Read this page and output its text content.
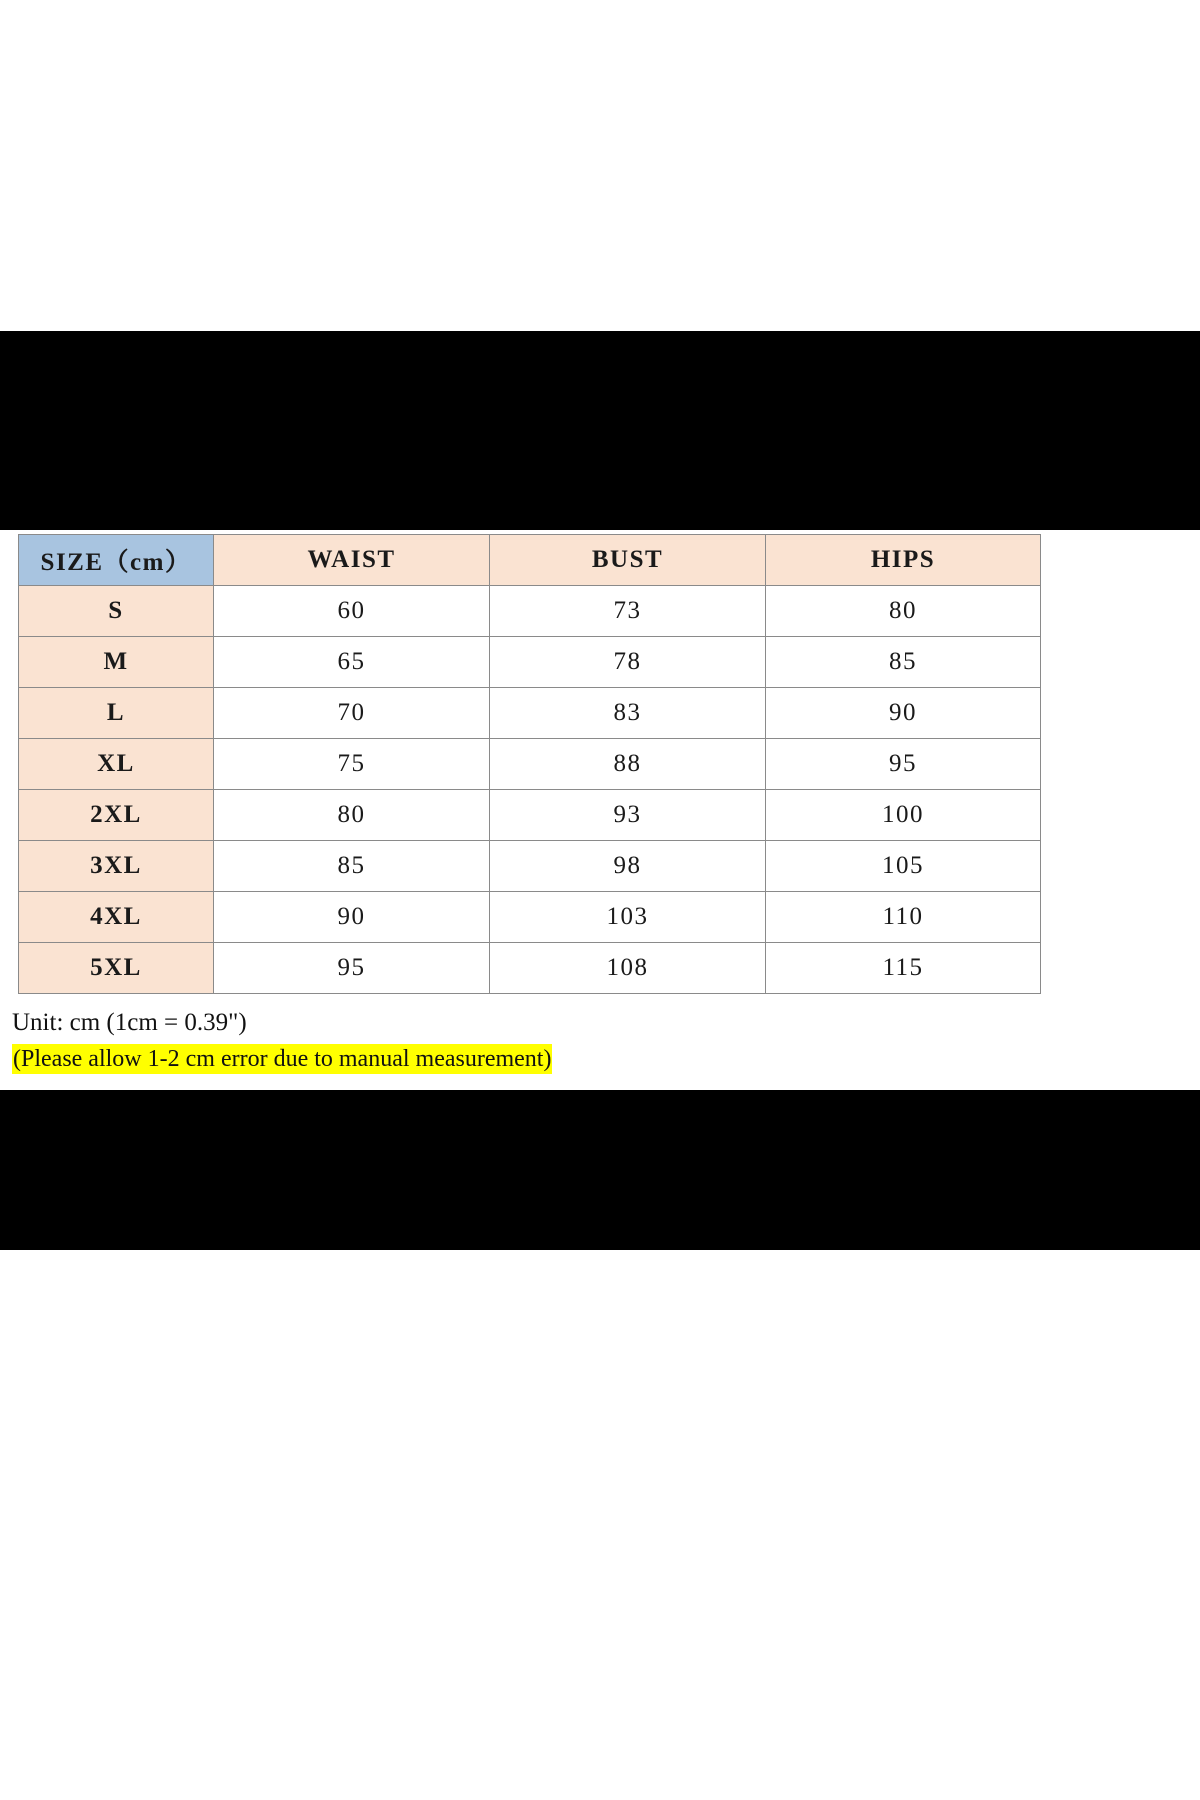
SIZE（cm）	WAIST	BUST	HIPS
S	60	73	80
M	65	78	85
L	70	83	90
XL	75	88	95
2XL	80	93	100
3XL	85	98	105
4XL	90	103	110
5XL	95	108	115
Unit: cm (1cm = 0.39")
(Please allow 1-2 cm error due to manual measurement)
